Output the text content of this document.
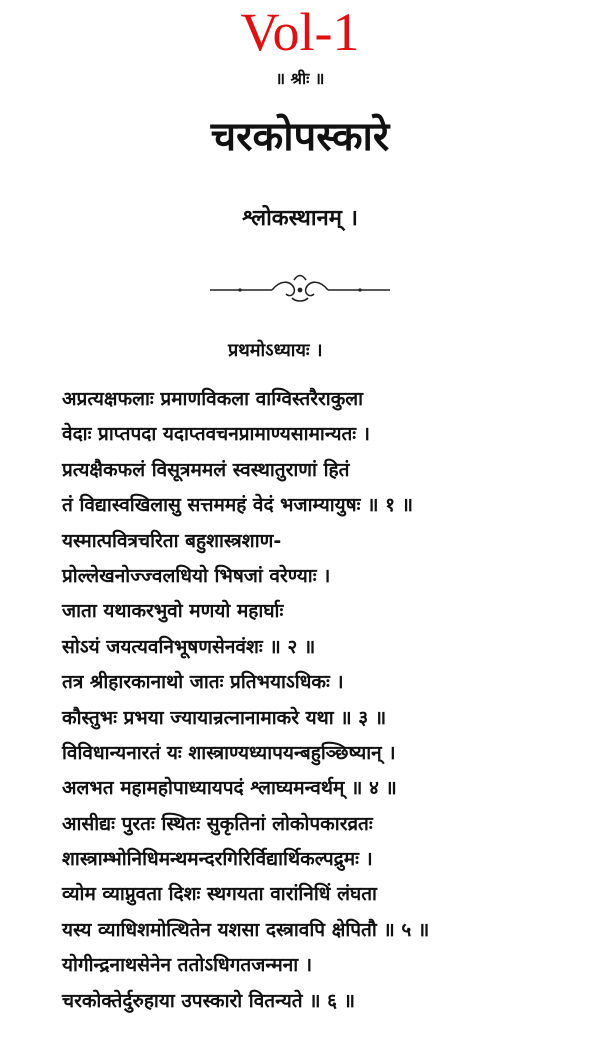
Vol-1
॥ श्रीः ॥
चरकोपस्कारे
श्लोकस्थानम् ।
प्रथमोऽध्यायः ।
अप्रत्यक्षफलाः प्रमाणविकला वाग्विस्तरैराकुला
वेदाः प्राप्तपदा यदाप्तवचनप्रामाण्यसामान्यतः ।
प्रत्यक्षैकफलं विसूत्रममलं स्वस्थातुराणां हितं
तं विद्यास्वखिलासु सत्तममहं वेदं भजाम्यायुषः ॥ १ ॥
यस्मात्पवित्रचरिता बहुशास्त्रशाण-
प्रोल्लेखनोज्ज्वलधियो भिषजां वरेण्याः ।
जाता यथाकरभुवो मणयो महार्घाः
सोऽयं जयत्यवनिभूषणसेनवंशः ॥ २ ॥
तत्र श्रीहारकानाथो जातः प्रतिभयाऽधिकः ।
कौस्तुभः प्रभया ज्यायान्रत्नानामाकरे यथा ॥ ३ ॥
विविधान्यनारतं यः शास्त्राण्यध्यापयन्बहुञ्छिष्यान् ।
अलभत महामहोपाध्यायपदं श्लाघ्यमन्वर्थम् ॥ ४ ॥
आसीद्यः पुरतः स्थितः सुकृतिनां लोकोपकारव्रतः
शास्त्राम्भोनिधिमन्थमन्दरगिरिर्विद्यार्थिकल्पद्रुमः ।
व्योम व्याप्नुवता दिशः स्थगयता वारांनिधिं लंघता
यस्य व्याधिशमोत्थितेन यशसा दस्त्रावपि क्षेपितौ ॥ ५ ॥
योगीन्द्रनाथसेनेन ततोऽधिगतजन्मना ।
चरकोक्तेर्दुरुहाया उपस्कारो वितन्यते ॥ ६ ॥
